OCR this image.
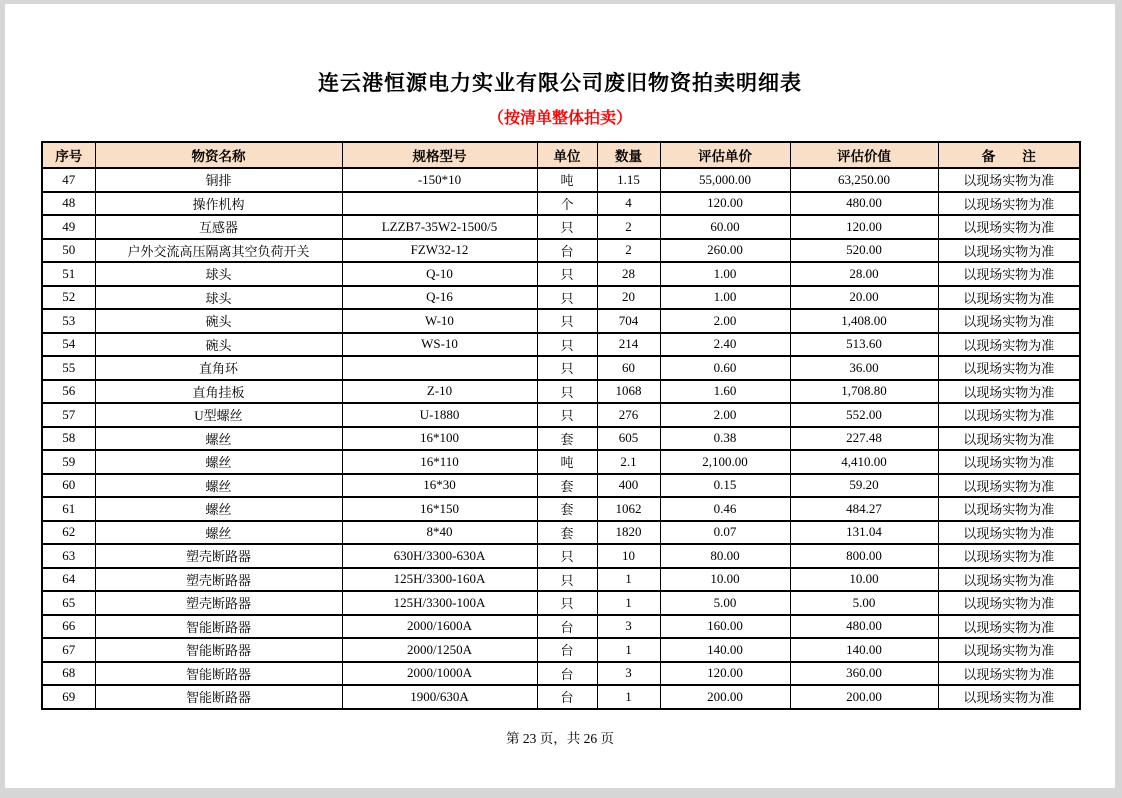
连云港恒源电力实业有限公司废旧物资拍卖明细表
（按清单整体拍卖）
序号	物资名称	规格型号	单位	数量	评估单价	评估价值	备　　注
47	铜排	-150*10	吨	1.15	55,000.00	63,250.00	以现场实物为准
48	操作机构		个	4	120.00	480.00	以现场实物为准
49	互感器	LZZB7-35W2-1500/5	只	2	60.00	120.00	以现场实物为准
50	户外交流高压隔离其空负荷开关	FZW32-12	台	2	260.00	520.00	以现场实物为准
51	球头	Q-10	只	28	1.00	28.00	以现场实物为准
52	球头	Q-16	只	20	1.00	20.00	以现场实物为准
53	碗头	W-10	只	704	2.00	1,408.00	以现场实物为准
54	碗头	WS-10	只	214	2.40	513.60	以现场实物为准
55	直角环		只	60	0.60	36.00	以现场实物为准
56	直角挂板	Z-10	只	1068	1.60	1,708.80	以现场实物为准
57	U型螺丝	U-1880	只	276	2.00	552.00	以现场实物为准
58	螺丝	16*100	套	605	0.38	227.48	以现场实物为准
59	螺丝	16*110	吨	2.1	2,100.00	4,410.00	以现场实物为准
60	螺丝	16*30	套	400	0.15	59.20	以现场实物为准
61	螺丝	16*150	套	1062	0.46	484.27	以现场实物为准
62	螺丝	8*40	套	1820	0.07	131.04	以现场实物为准
63	塑壳断路器	630H/3300-630A	只	10	80.00	800.00	以现场实物为准
64	塑壳断路器	125H/3300-160A	只	1	10.00	10.00	以现场实物为准
65	塑壳断路器	125H/3300-100A	只	1	5.00	5.00	以现场实物为准
66	智能断路器	2000/1600A	台	3	160.00	480.00	以现场实物为准
67	智能断路器	2000/1250A	台	1	140.00	140.00	以现场实物为准
68	智能断路器	2000/1000A	台	3	120.00	360.00	以现场实物为准
69	智能断路器	1900/630A	台	1	200.00	200.00	以现场实物为准
第 23 页，共 26 页
